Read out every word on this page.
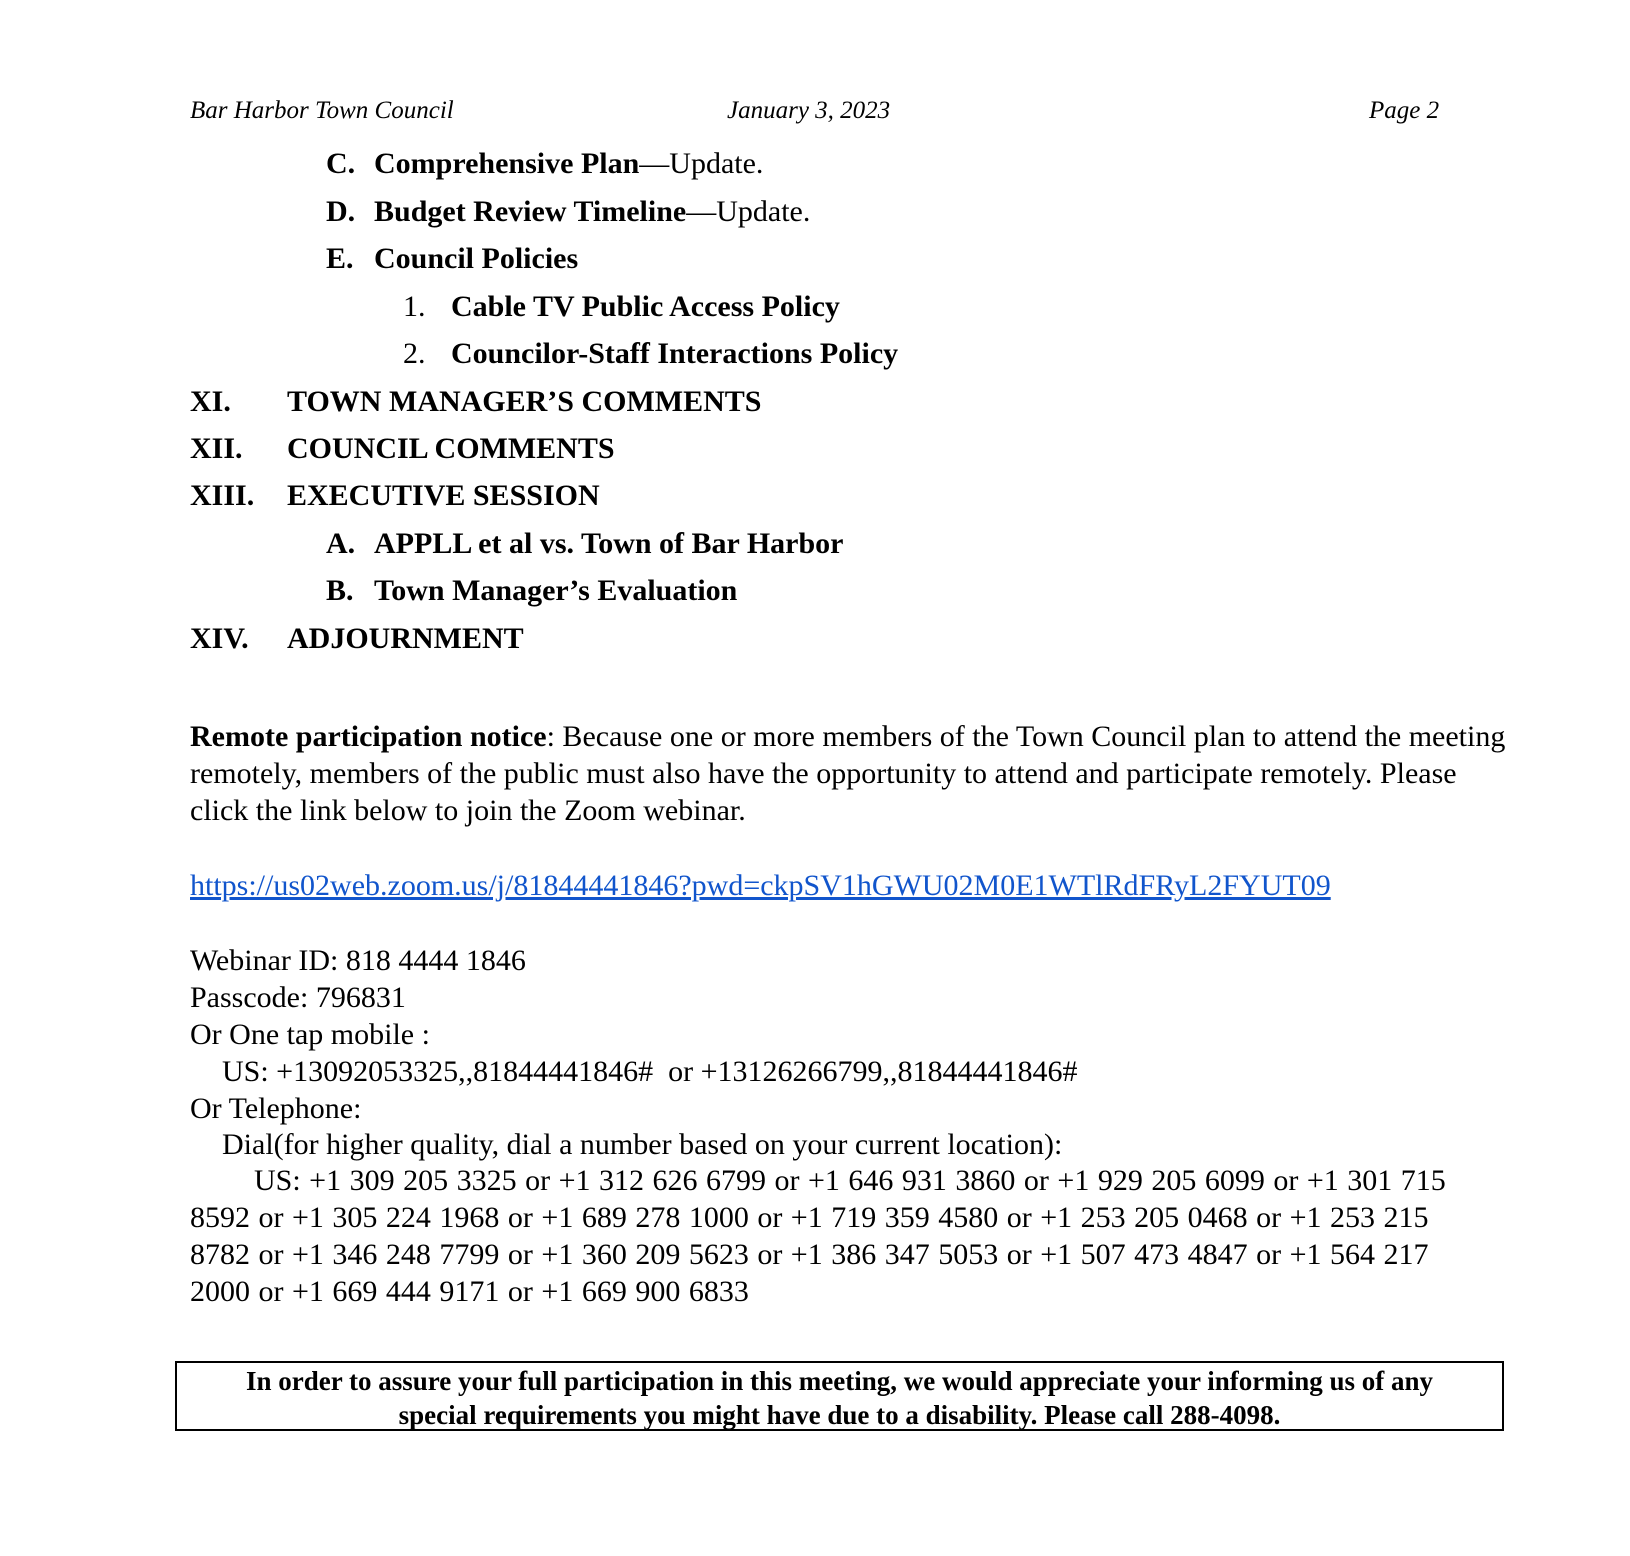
Bar Harbor Town Council	January 3, 2023	Page 2
C. Comprehensive Plan—Update.
D. Budget Review Timeline—Update.
E. Council Policies
1. Cable TV Public Access Policy
2. Councilor-Staff Interactions Policy
XI. TOWN MANAGER’S COMMENTS
XII. COUNCIL COMMENTS
XIII. EXECUTIVE SESSION
A. APPLL et al vs. Town of Bar Harbor
B. Town Manager’s Evaluation
XIV. ADJOURNMENT
Remote participation notice: Because one or more members of the Town Council plan to attend the meeting remotely, members of the public must also have the opportunity to attend and participate remotely. Please click the link below to join the Zoom webinar.
https://us02web.zoom.us/j/81844441846?pwd=ckpSV1hGWU02M0E1WTlRdFRyL2FYUT09
Webinar ID: 818 4444 1846
Passcode: 796831
Or One tap mobile :
US: +13092053325,,81844441846#  or +13126266799,,81844441846#
Or Telephone:
Dial(for higher quality, dial a number based on your current location):
US: +1 309 205 3325 or +1 312 626 6799 or +1 646 931 3860 or +1 929 205 6099 or +1 301 715 8592 or +1 305 224 1968 or +1 689 278 1000 or +1 719 359 4580 or +1 253 205 0468 or +1 253 215 8782 or +1 346 248 7799 or +1 360 209 5623 or +1 386 347 5053 or +1 507 473 4847 or +1 564 217 2000 or +1 669 444 9171 or +1 669 900 6833
In order to assure your full participation in this meeting, we would appreciate your informing us of any
special requirements you might have due to a disability. Please call 288-4098.
